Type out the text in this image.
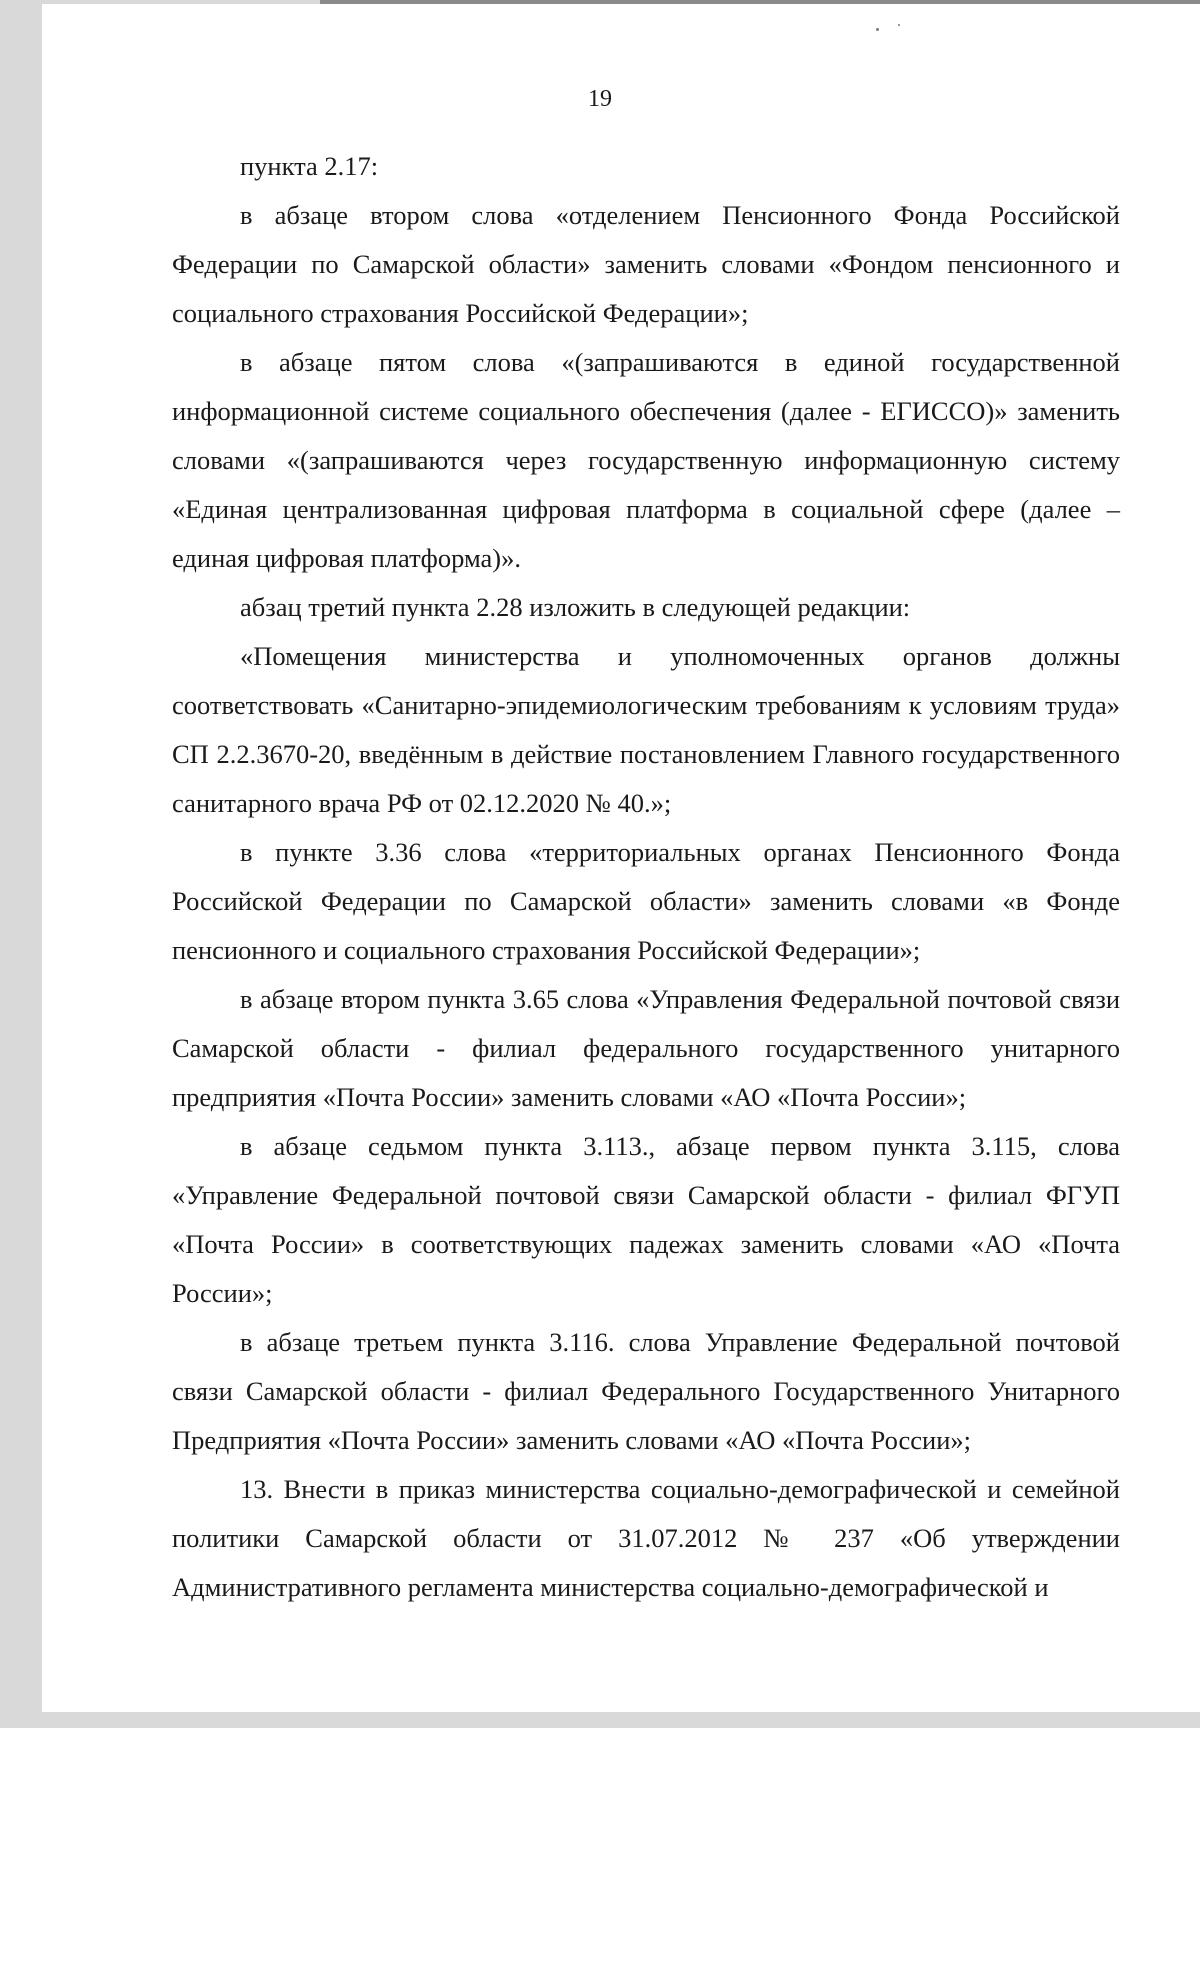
19

пункта 2.17:

в абзаце втором слова «отделением Пенсионного Фонда Российской Федерации по Самарской области» заменить словами «Фондом пенсионного и социального страхования Российской Федерации»;

в абзаце пятом слова «(запрашиваются в единой государственной информационной системе социального обеспечения (далее - ЕГИССО)» заменить словами «(запрашиваются через государственную информационную систему «Единая централизованная цифровая платформа в социальной сфере (далее – единая цифровая платформа)».

абзац третий пункта 2.28 изложить в следующей редакции:

«Помещения министерства и уполномоченных органов должны соответствовать «Санитарно-эпидемиологическим требованиям к условиям труда» СП 2.2.3670-20, введённым в действие постановлением Главного государственного санитарного врача РФ от 02.12.2020 № 40.»;

в пункте 3.36 слова «территориальных органах Пенсионного Фонда Российской Федерации по Самарской области» заменить словами «в Фонде пенсионного и социального страхования Российской Федерации»;

в абзаце втором пункта 3.65 слова «Управления Федеральной почтовой связи Самарской области - филиал федерального государственного унитарного предприятия «Почта России» заменить словами «АО «Почта России»;

в абзаце седьмом пункта 3.113., абзаце первом пункта 3.115, слова «Управление Федеральной почтовой связи Самарской области - филиал ФГУП «Почта России» в соответствующих падежах заменить словами «АО «Почта России»;

в абзаце третьем пункта 3.116. слова Управление Федеральной почтовой связи Самарской области - филиал Федерального Государственного Унитарного Предприятия «Почта России» заменить словами «АО «Почта России»;

13. Внести в приказ министерства социально-демографической и семейной политики Самарской области от 31.07.2012 № 237 «Об утверждении Административного регламента министерства социально-демографической и
